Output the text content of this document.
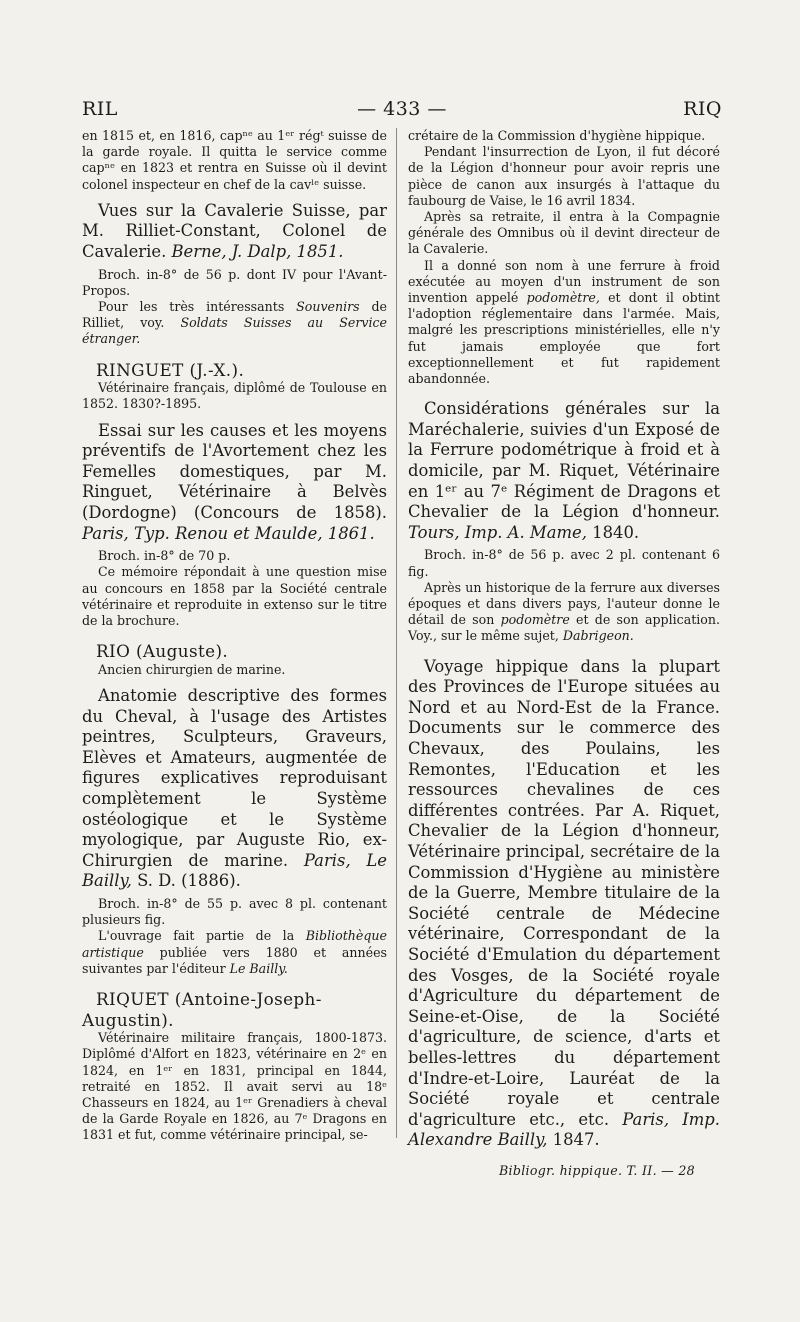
RIL	— 433 —	RIQ

en 1815 et, en 1816, capⁿᵉ au 1ᵉʳ régᵗ suisse de la garde royale. Il quitta le service comme capⁿᵉ en 1823 et rentra en Suisse où il devint colonel inspecteur en chef de la cavˡᵉ suisse.

Vues sur la Cavalerie Suisse, par M. Rilliet-Constant, Colonel de Cavalerie. Berne, J. Dalp, 1851.

Broch. in-8° de 56 p. dont IV pour l'Avant-Propos.

Pour les très intéressants Souvenirs de Rilliet, voy. Soldats Suisses au Service étranger.

RINGUET (J.-X.).

Vétérinaire français, diplômé de Toulouse en 1852. 1830?-1895.

Essai sur les causes et les moyens préventifs de l'Avortement chez les Femelles domestiques, par M. Ringuet, Vétérinaire à Belvès (Dordogne) (Concours de 1858). Paris, Typ. Renou et Maulde, 1861.

Broch. in-8° de 70 p.

Ce mémoire répondait à une question mise au concours en 1858 par la Société centrale vétérinaire et reproduite in extenso sur le titre de la brochure.

RIO (Auguste).

Ancien chirurgien de marine.

Anatomie descriptive des formes du Cheval, à l'usage des Artistes peintres, Sculpteurs, Graveurs, Elèves et Amateurs, augmentée de figures explicatives reproduisant complètement le Système ostéologique et le Système myologique, par Auguste Rio, ex-Chirurgien de marine. Paris, Le Bailly, S. D. (1886).

Broch. in-8° de 55 p. avec 8 pl. contenant plusieurs fig.

L'ouvrage fait partie de la Bibliothèque artistique publiée vers 1880 et années suivantes par l'éditeur Le Bailly.

RIQUET (Antoine-Joseph-Augustin).

Vétérinaire militaire français, 1800-1873. Diplômé d'Alfort en 1823, vétérinaire en 2ᵉ en 1824, en 1ᵉʳ en 1831, principal en 1844, retraité en 1852. Il avait servi au 18ᵉ Chasseurs en 1824, au 1ᵉʳ Grenadiers à cheval de la Garde Royale en 1826, au 7ᵉ Dragons en 1831 et fut, comme vétérinaire principal, se-

crétaire de la Commission d'hygiène hippique.

Pendant l'insurrection de Lyon, il fut décoré de la Légion d'honneur pour avoir repris une pièce de canon aux insurgés à l'attaque du faubourg de Vaise, le 16 avril 1834.

Après sa retraite, il entra à la Compagnie générale des Omnibus où il devint directeur de la Cavalerie.

Il a donné son nom à une ferrure à froid exécutée au moyen d'un instrument de son invention appelé podomètre, et dont il obtint l'adoption réglementaire dans l'armée. Mais, malgré les prescriptions ministérielles, elle n'y fut jamais employée que fort exceptionnellement et fut rapidement abandonnée.

Considérations générales sur la Maréchalerie, suivies d'un Exposé de la Ferrure podométrique à froid et à domicile, par M. Riquet, Vétérinaire en 1ᵉʳ au 7ᵉ Régiment de Dragons et Chevalier de la Légion d'honneur. Tours, Imp. A. Mame, 1840.

Broch. in-8° de 56 p. avec 2 pl. contenant 6 fig.

Après un historique de la ferrure aux diverses époques et dans divers pays, l'auteur donne le détail de son podomètre et de son application. Voy., sur le même sujet, Dabrigeon.

Voyage hippique dans la plupart des Provinces de l'Europe situées au Nord et au Nord-Est de la France. Documents sur le commerce des Chevaux, des Poulains, les Remontes, l'Education et les ressources chevalines de ces différentes contrées. Par A. Riquet, Chevalier de la Légion d'honneur, Vétérinaire principal, secrétaire de la Commission d'Hygiène au ministère de la Guerre, Membre titulaire de la Société centrale de Médecine vétérinaire, Correspondant de la Société d'Emulation du département des Vosges, de la Société royale d'Agriculture du département de Seine-et-Oise, de la Société d'agriculture, de science, d'arts et belles-lettres du département d'Indre-et-Loire, Lauréat de la Société royale et centrale d'agriculture etc., etc. Paris, Imp. Alexandre Bailly, 1847.

Bibliogr. hippique. T. II. — 28
